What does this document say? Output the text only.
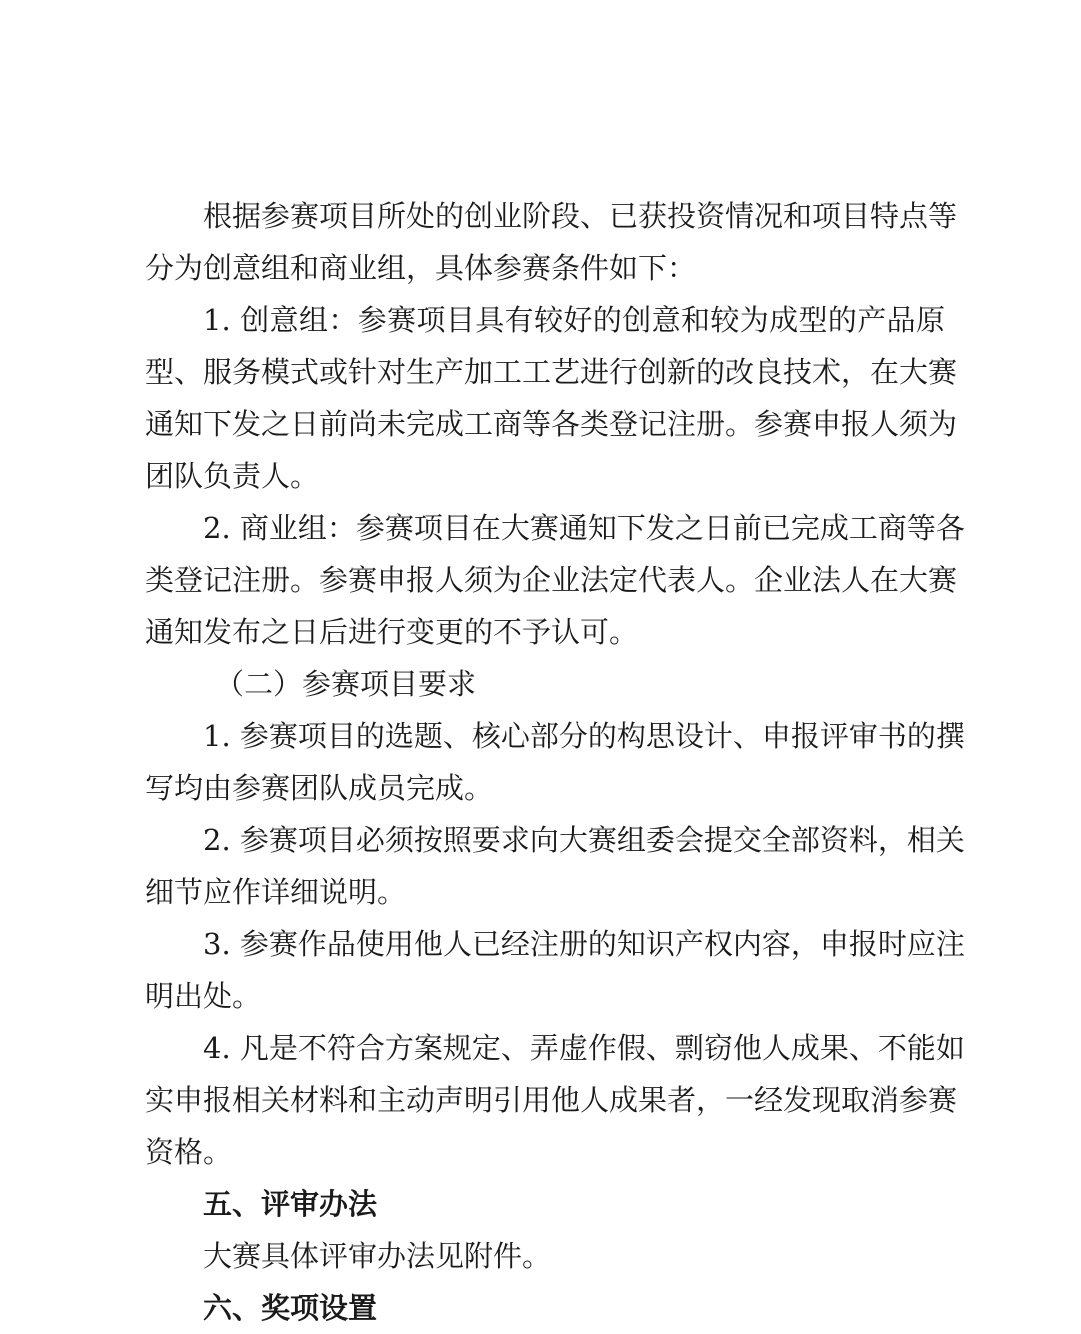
根据参赛项目所处的创业阶段、已获投资情况和项目特点等
分为创意组和商业组，具体参赛条件如下：
1. 创意组：参赛项目具有较好的创意和较为成型的产品原
型、服务模式或针对生产加工工艺进行创新的改良技术，在大赛
通知下发之日前尚未完成工商等各类登记注册。参赛申报人须为
团队负责人。
2. 商业组：参赛项目在大赛通知下发之日前已完成工商等各
类登记注册。参赛申报人须为企业法定代表人。企业法人在大赛
通知发布之日后进行变更的不予认可。
（二）参赛项目要求
1. 参赛项目的选题、核心部分的构思设计、申报评审书的撰
写均由参赛团队成员完成。
2. 参赛项目必须按照要求向大赛组委会提交全部资料，相关
细节应作详细说明。
3. 参赛作品使用他人已经注册的知识产权内容，申报时应注
明出处。
4. 凡是不符合方案规定、弄虚作假、剽窃他人成果、不能如
实申报相关材料和主动声明引用他人成果者，一经发现取消参赛
资格。
五、评审办法
大赛具体评审办法见附件。
六、奖项设置
